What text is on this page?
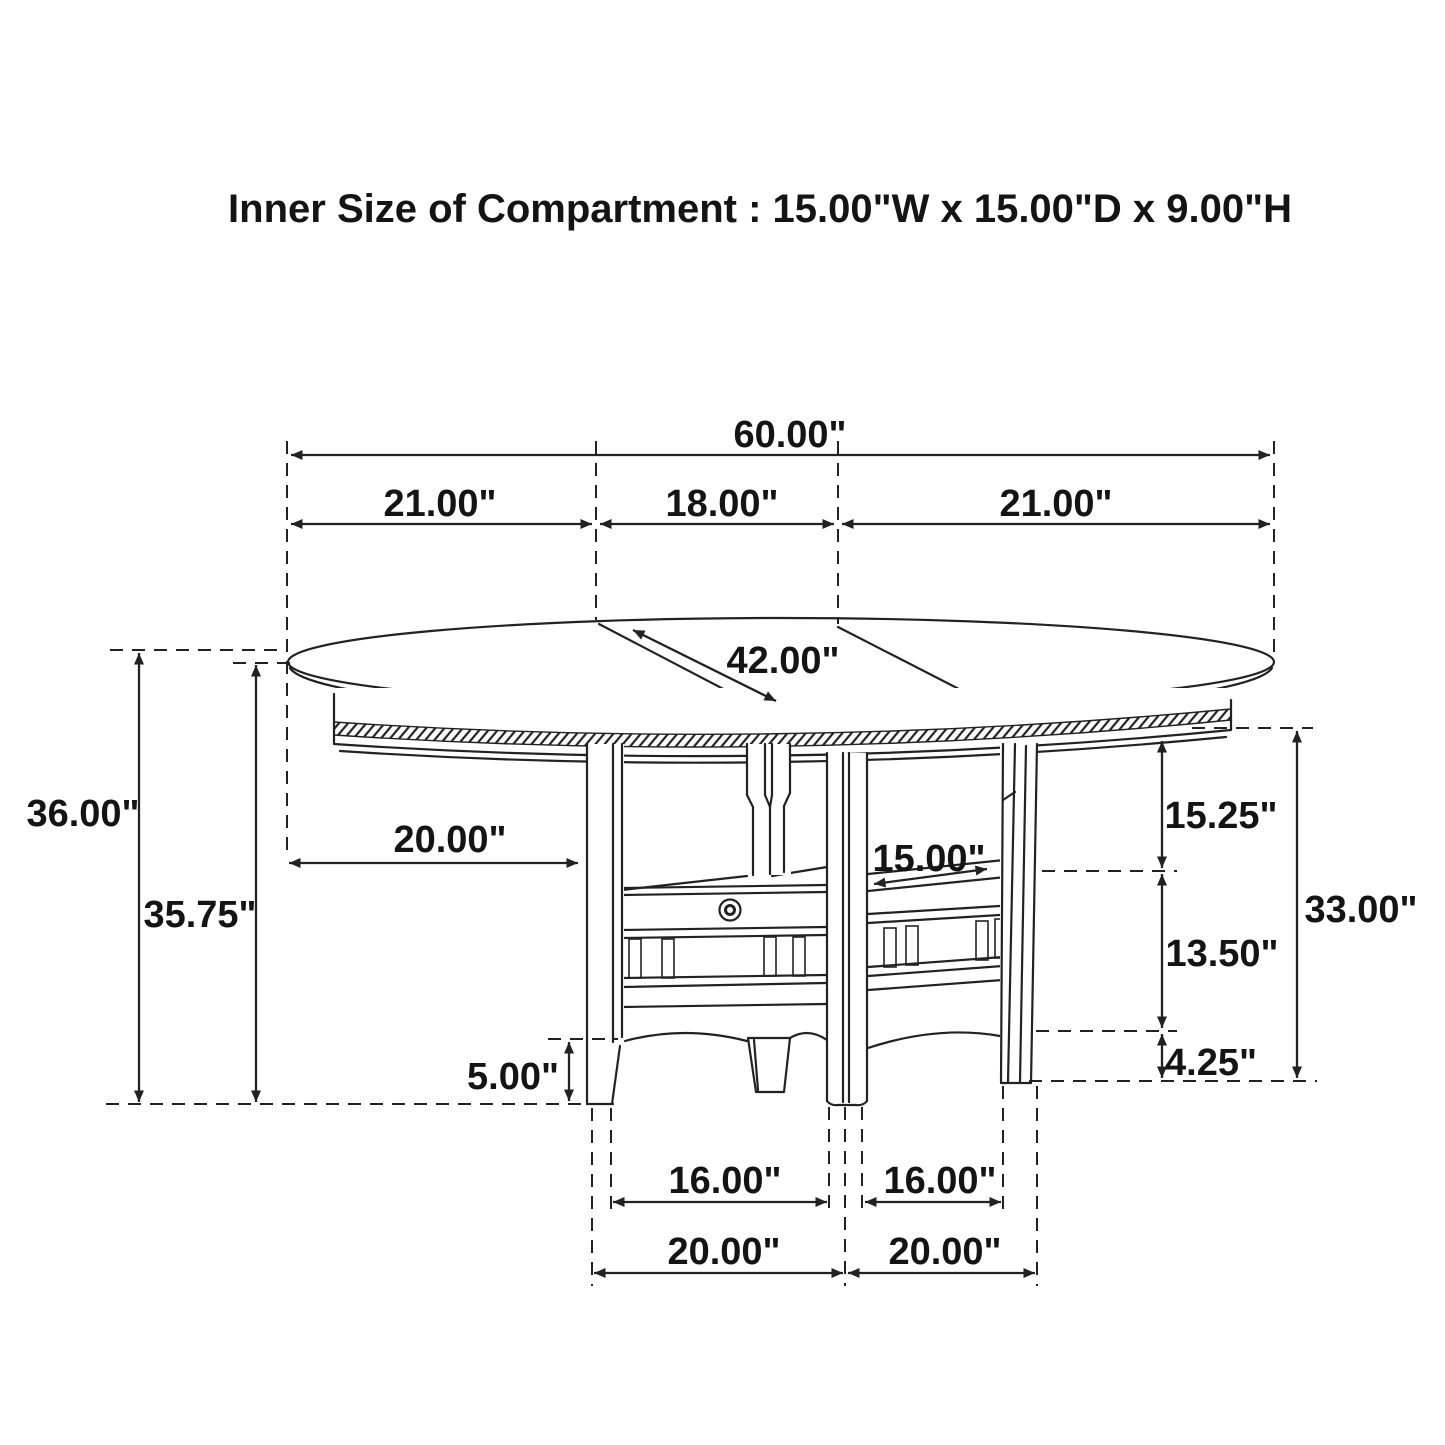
Inner Size of Compartment : 15.00"W x 15.00"D x 9.00"H
60.00"
21.00"	18.00"	21.00"
42.00"
36.00"
35.75"
20.00"
5.00"
15.00"
15.25"
13.50"
4.25"
33.00"
16.00"	16.00"
20.00"	20.00"
